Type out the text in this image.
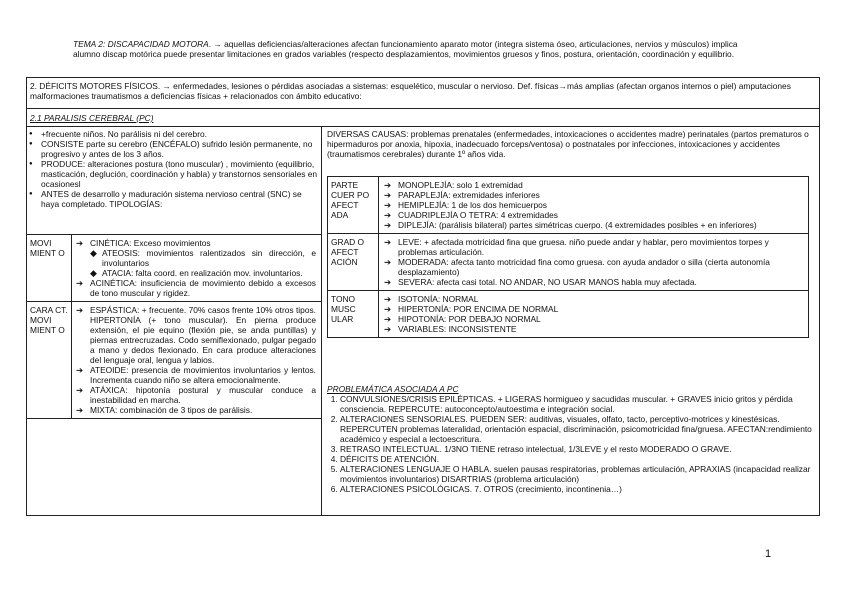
TEMA 2: DISCAPACIDAD MOTORA. → aquellas deficiencias/alteraciones afectan funcionamiento aparato motor (integra sistema óseo, articulaciones, nervios y músculos) implica alumno discap motórica puede presentar limitaciones en grados variables (respecto desplazamientos, movimientos gruesos y finos, postura, orientación, coordinación y equilibrio.
2. DÉFICITS MOTORES FÍSICOS. → enfermedades, lesiones o pérdidas asociadas a sistemas: esquelético, muscular o nervioso. Def. físicas→más amplias (afectan organos internos o piel) amputaciones malformaciones traumatismos a deficiencias físicas + relacionados con ámbito educativo:
2.1 PARALISIS CEREBRAL (PC)
● +frecuente niños. No parálisis ni del cerebro.
● CONSISTE parte su cerebro (ENCÉFALO) sufrido lesión permanente, no progresivo y antes de los 3 años.
● PRODUCE: alteraciones postura (tono muscular) , movimiento (equilibrio, masticación, deglución, coordinación y habla) y transtornos sensoriales en ocasionesl
● ANTES de desarrollo y maduración sistema nervioso central (SNC) se haya completado. TIPOLOGÍAS:
MOVI MIENT O
➔ CINÉTICA: Exceso movimientos
◆ ATEOSIS: movimientos ralentizados sin dirección, e involuntarios
◆ ATACIA: falta coord. en realización mov. involuntarios.
➔ ACINÉTICA: insuficiencia de movimiento debido a excesos de tono muscular y rigidez.
CARA CT. MOVI MIENT O
➔ ESPÁSTICA: + frecuente. 70% casos frente 10% otros tipos. HIPERTONÍA (+ tono muscular). En pierna produce extensión, el pie equino (flexión pie, se anda puntillas) y piernas entrecruzadas. Codo semiflexionado, pulgar pegado a mano y dedos flexionado. En cara produce alteraciones del lenguaje oral, lengua y labios.
➔ ATEOIDE: presencia de movimientos involuntarios y lentos. Incrementa cuando niño se altera emocionalmente.
➔ ATÁXICA: hipotonía postural y muscular conduce a inestabilidad en marcha.
➔ MIXTA: combinación de 3 tipos de parálisis.
DIVERSAS CAUSAS: problemas prenatales (enfermedades, intoxicaciones o accidentes madre) perinatales (partos prematuros o hipermaduros por anoxia, hipoxia, inadecuado forceps/ventosa) o postnatales por infecciones, intoxicaciones y accidentes (traumatismos cerebrales) durante 1º años vida.
PARTE CUER PO AFECT ADA
➔ MONOPLEJÍA: solo 1 extremidad
➔ PARAPLEJÍA: extremidades inferiores
➔ HEMIPLEJÍA: 1 de los dos hemicuerpos
➔ CUADRIPLEJÍA O TETRA: 4 extremidades
➔ DIPLEJÍA: (parálisis bilateral) partes simétricas cuerpo. (4 extremidades posibles + en inferiores)
GRAD O AFECT ACIÓN
➔ LEVE: + afectada motricidad fina que gruesa. niño puede andar y hablar, pero movimientos torpes y problemas articulación.
➔ MODERADA: afecta tanto motricidad fina como gruesa. con ayuda andador o silla (cierta autonomía desplazamiento)
➔ SEVERA: afecta casi total. NO ANDAR, NO USAR MANOS habla muy afectada.
TONO MUSC ULAR
➔ ISOTONÍA: NORMAL
➔ HIPERTONÍA: POR ENCIMA DE NORMAL
➔ HIPOTONÍA: POR DEBAJO NORMAL
➔ VARIABLES: INCONSISTENTE
PROBLEMÁTICA ASOCIADA A PC
1. CONVULSIONES/CRISIS EPILÉPTICAS. + LIGERAS hormigueo y sacudidas muscular. + GRAVES inicio gritos y pérdida consciencia. REPERCUTE: autoconcepto/autoestima e integración social.
2. ALTERACIONES SENSORIALES. PUEDEN SER: auditivas, visuales, olfato, tacto, perceptivo-motrices y kinestésicas. REPERCUTEN problemas lateralidad, orientación espacial, discriminación, psicomotricidad fina/gruesa. AFECTAN:rendimiento académico y especial a lectoescritura.
3. RETRASO INTELECTUAL. 1/3NO TIENE retraso intelectual, 1/3LEVE y el resto MODERADO O GRAVE.
4. DÉFICITS DE ATENCIÓN.
5. ALTERACIONES LENGUAJE O HABLA. suelen pausas respiratorias, problemas articulación, APRAXIAS (incapacidad realizar movimientos involuntarios) DISARTRIAS (problema articulación)
6. ALTERACIONES PSICOLÓGICAS. 7. OTROS (crecimiento, incontinenia…)
1
